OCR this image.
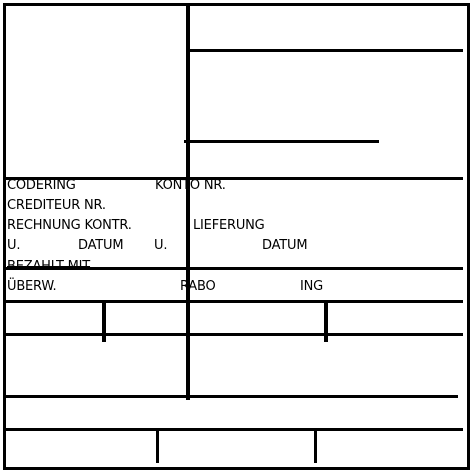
CODERING	KONTO NR.
CREDITEUR NR.
RECHNUNG KONTR.	LIEFERUNG
U.	DATUM U.	DATUM
BEZAHLT MIT
ÜBERW.	RABO	ING
